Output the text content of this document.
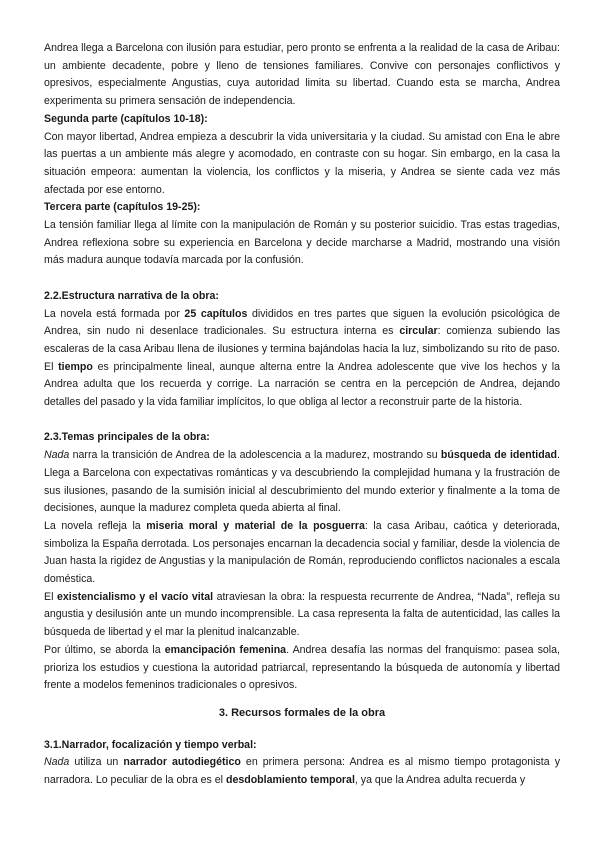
Andrea llega a Barcelona con ilusión para estudiar, pero pronto se enfrenta a la realidad de la casa de Aribau: un ambiente decadente, pobre y lleno de tensiones familiares. Convive con personajes conflictivos y opresivos, especialmente Angustias, cuya autoridad limita su libertad. Cuando esta se marcha, Andrea experimenta su primera sensación de independencia.

Segunda parte (capítulos 10-18):

Con mayor libertad, Andrea empieza a descubrir la vida universitaria y la ciudad. Su amistad con Ena le abre las puertas a un ambiente más alegre y acomodado, en contraste con su hogar. Sin embargo, en la casa la situación empeora: aumentan la violencia, los conflictos y la miseria, y Andrea se siente cada vez más afectada por ese entorno.

Tercera parte (capítulos 19-25):

La tensión familiar llega al límite con la manipulación de Román y su posterior suicidio. Tras estas tragedias, Andrea reflexiona sobre su experiencia en Barcelona y decide marcharse a Madrid, mostrando una visión más madura aunque todavía marcada por la confusión.

2.2.Estructura narrativa de la obra:

La novela está formada por 25 capítulos divididos en tres partes que siguen la evolución psicológica de Andrea, sin nudo ni desenlace tradicionales. Su estructura interna es circular: comienza subiendo las escaleras de la casa Aribau llena de ilusiones y termina bajándolas hacia la luz, simbolizando su rito de paso. El tiempo es principalmente lineal, aunque alterna entre la Andrea adolescente que vive los hechos y la Andrea adulta que los recuerda y corrige. La narración se centra en la percepción de Andrea, dejando detalles del pasado y la vida familiar implícitos, lo que obliga al lector a reconstruir parte de la historia.

2.3.Temas principales de la obra:

Nada narra la transición de Andrea de la adolescencia a la madurez, mostrando su búsqueda de identidad. Llega a Barcelona con expectativas románticas y va descubriendo la complejidad humana y la frustración de sus ilusiones, pasando de la sumisión inicial al descubrimiento del mundo exterior y finalmente a la toma de decisiones, aunque la madurez completa queda abierta al final.

La novela refleja la miseria moral y material de la posguerra: la casa Aribau, caótica y deteriorada, simboliza la España derrotada. Los personajes encarnan la decadencia social y familiar, desde la violencia de Juan hasta la rigidez de Angustias y la manipulación de Román, reproduciendo conflictos nacionales a escala doméstica.

El existencialismo y el vacío vital atraviesan la obra: la respuesta recurrente de Andrea, “Nada”, refleja su angustia y desilusión ante un mundo incomprensible. La casa representa la falta de autenticidad, las calles la búsqueda de libertad y el mar la plenitud inalcanzable.

Por último, se aborda la emancipación femenina. Andrea desafía las normas del franquismo: pasea sola, prioriza los estudios y cuestiona la autoridad patriarcal, representando la búsqueda de autonomía y libertad frente a modelos femeninos tradicionales o opresivos.

3. Recursos formales de la obra
3.1.Narrador, focalización y tiempo verbal:

Nada utiliza un narrador autodiegético en primera persona: Andrea es al mismo tiempo protagonista y narradora. Lo peculiar de la obra es el desdoblamiento temporal, ya que la Andrea adulta recuerda y
